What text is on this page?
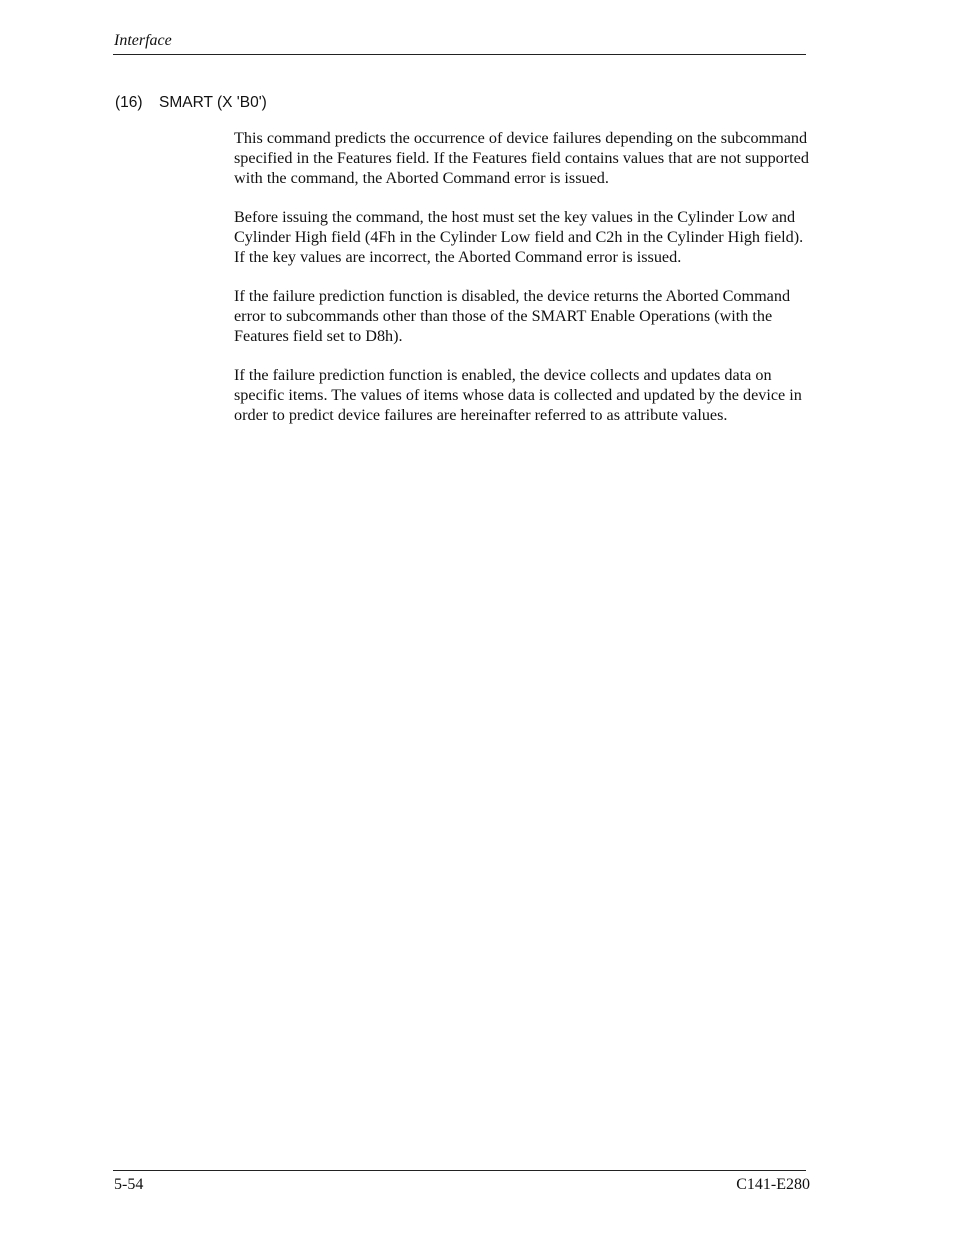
Interface
(16) SMART (X 'B0')

This command predicts the occurrence of device failures depending on the subcommand specified in the Features field. If the Features field contains values that are not supported with the command, the Aborted Command error is issued.

Before issuing the command, the host must set the key values in the Cylinder Low and Cylinder High field (4Fh in the Cylinder Low field and C2h in the Cylinder High field). If the key values are incorrect, the Aborted Command error is issued.

If the failure prediction function is disabled, the device returns the Aborted Command error to subcommands other than those of the SMART Enable Operations (with the Features field set to D8h).

If the failure prediction function is enabled, the device collects and updates data on specific items. The values of items whose data is collected and updated by the device in order to predict device failures are hereinafter referred to as attribute values.

5-54	C141-E280
